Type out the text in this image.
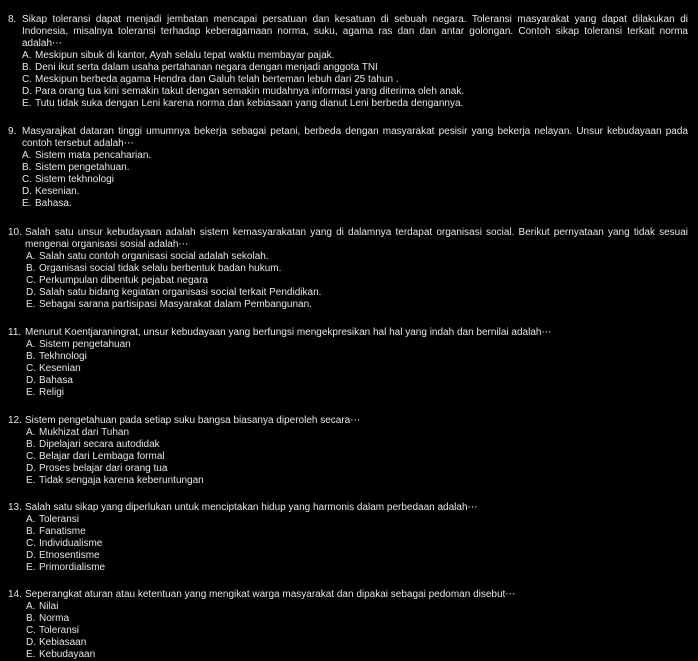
8. Sikap toleransi dapat menjadi jembatan mencapai persatuan dan kesatuan di sebuah negara. Toleransi masyarakat yang dapat dilakukan di Indonesia, misalnya toleransi terhadap keberagamaan norma, suku, agama ras dan dan antar golongan. Contoh sikap toleransi terkait norma adalah⋯
A. Meskipun sibuk di kantor, Ayah selalu tepat waktu membayar pajak.
B. Deni ikut serta dalam usaha pertahanan negara dengan menjadi anggota TNI
C. Meskipun berbeda agama Hendra dan Galuh telah berteman lebuh dari 25 tahun .
D. Para orang tua kini semakin takut dengan semakin mudahnya informasi yang diterima oleh anak.
E. Tutu tidak suka dengan Leni karena norma dan kebiasaan yang dianut Leni berbeda dengannya.
9. Masyarajkat dataran tinggi umumnya bekerja sebagai petani, berbeda dengan masyarakat pesisir yang bekerja nelayan. Unsur kebudayaan pada contoh tersebut adalah⋯
A. Sistem mata pencaharian.
B. Sistem pengetahuan.
C. Sistem tekhnologi
D. Kesenian.
E. Bahasa.
10. Salah satu unsur kebudayaan adalah sistem kemasyarakatan yang di dalamnya terdapat organisasi social. Berikut pernyataan yang tidak sesuai mengenai organisasi sosial adalah⋯
A. Salah satu contoh organisasi social adalah sekolah.
B. Organisasi social tidak selalu berbentuk badan hukum.
C. Perkumpulan dibentuk pejabat negara
D. Salah satu bidang kegiatan organisasi social terkait Pendidikan.
E. Sebagai sarana partisipasi Masyarakat dalam Pembangunan.
11. Menurut Koentjaraningrat, unsur kebudayaan yang berfungsi mengekpresikan hal hal yang indah dan bernilai adalah⋯
A. Sistem pengetahuan
B. Tekhnologi
C. Kesenian
D. Bahasa
E. Religi
12. Sistem pengetahuan pada setiap suku bangsa biasanya diperoleh secara⋯
A. Mukhizat dari Tuhan
B. Dipelajari secara autodidak
C. Belajar dari Lembaga formal
D. Proses belajar dari orang tua
E. Tidak sengaja karena keberuntungan
13. Salah satu sikap yang diperlukan untuk menciptakan hidup yang harmonis dalam perbedaan adalah⋯
A. Toleransi
B. Fanatisme
C. Individualisme
D. Etnosentisme
E. Primordialisme
14. Seperangkat aturan atau ketentuan yang mengikat warga masyarakat dan dipakai sebagai pedoman disebut⋯
A. Nilai
B. Norma
C. Toleransi
D. Kebiasaan
E. Kebudayaan
